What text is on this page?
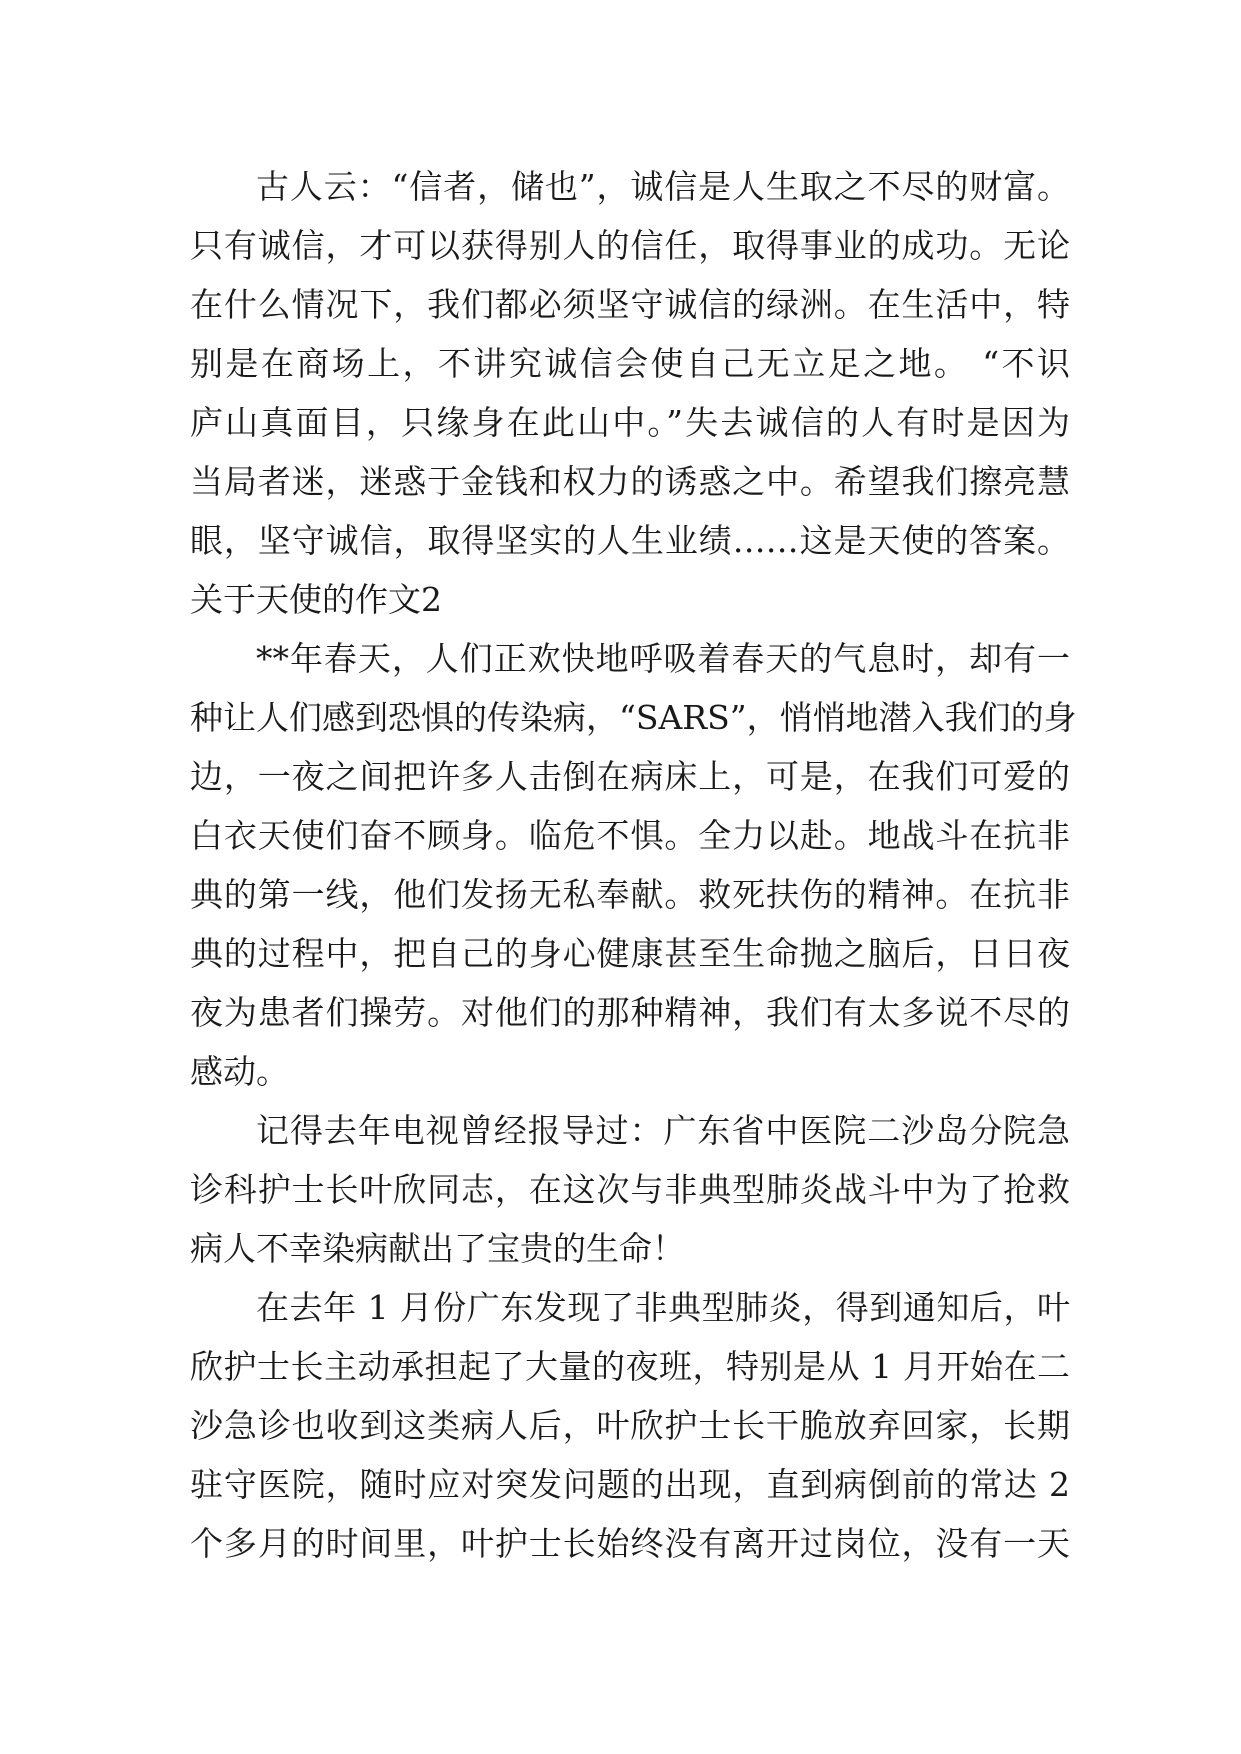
古人云：“信者，储也”，诚信是人生取之不尽的财富。
只有诚信，才可以获得别人的信任，取得事业的成功。无论
在什么情况下，我们都必须坚守诚信的绿洲。在生活中，特
别是在商场上，不讲究诚信会使自己无立足之地。 “不识
庐山真面目，只缘身在此山中。”失去诚信的人有时是因为
当局者迷，迷惑于金钱和权力的诱惑之中。希望我们擦亮慧
眼，坚守诚信，取得坚实的人生业绩……这是天使的答案。
关于天使的作文2
**年春天，人们正欢快地呼吸着春天的气息时，却有一
种让人们感到恐惧的传染病，“SARS”，悄悄地潜入我们的身
边，一夜之间把许多人击倒在病床上，可是，在我们可爱的
白衣天使们奋不顾身。临危不惧。全力以赴。地战斗在抗非
典的第一线，他们发扬无私奉献。救死扶伤的精神。在抗非
典的过程中，把自己的身心健康甚至生命抛之脑后，日日夜
夜为患者们操劳。对他们的那种精神，我们有太多说不尽的
感动。
记得去年电视曾经报导过：广东省中医院二沙岛分院急
诊科护士长叶欣同志，在这次与非典型肺炎战斗中为了抢救
病人不幸染病献出了宝贵的生命！
在去年 1 月份广东发现了非典型肺炎，得到通知后，叶
欣护士长主动承担起了大量的夜班，特别是从 1 月开始在二
沙急诊也收到这类病人后，叶欣护士长干脆放弃回家，长期
驻守医院，随时应对突发问题的出现，直到病倒前的常达 2
个多月的时间里，叶护士长始终没有离开过岗位，没有一天
